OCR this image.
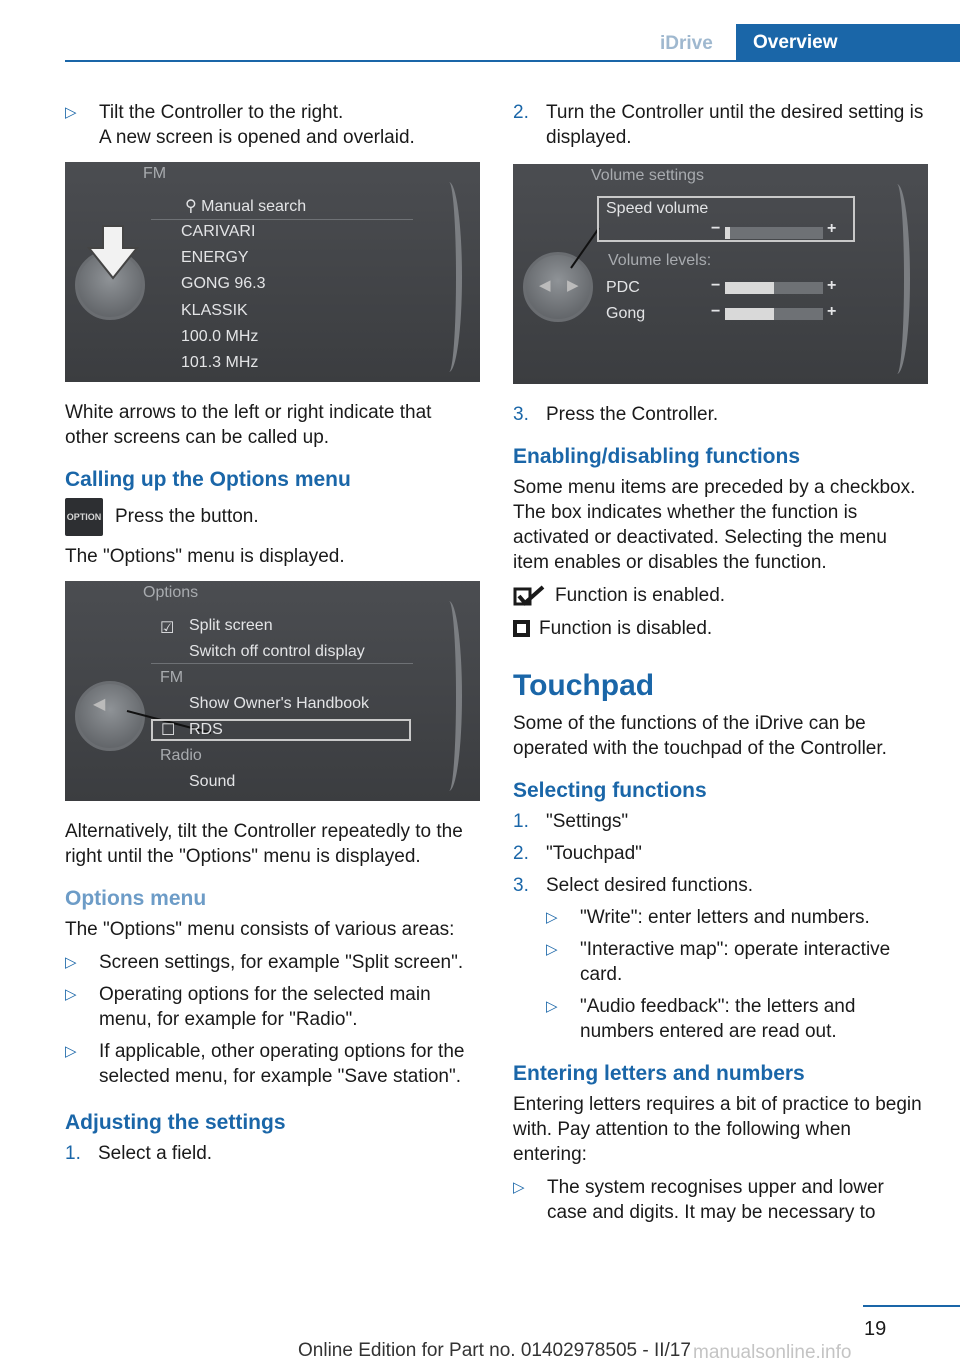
iDrive	Overview
▷ Tilt the Controller to the right.
A new screen is opened and overlaid.
FM
⚲ Manual search
CARIVARI
ENERGY
GONG 96.3
KLASSIK
100.0 MHz
101.3 MHz

White arrows to the left or right indicate that other screens can be called up.

Calling up the Options menu
OPTION Press the button.

The "Options" menu is displayed.

Options
◀
☑ Split screen
Switch off control display
FM
Show Owner's Handbook
☐ RDS
Radio
Sound

Alternatively, tilt the Controller repeatedly to the right until the "Options" menu is displayed.

Options menu

The "Options" menu consists of various areas:

▷ Screen settings, for example "Split screen".
▷ Operating options for the selected main menu, for example for "Radio".
▷ If applicable, other operating options for the selected menu, for example "Save station".
Adjusting the settings
1. Select a field.
2. Turn the Controller until the desired setting is displayed.
Volume settings
◀ ▶
Speed volume
−	+
Volume levels:
PDC	−	+
Gong	−	+
3. Press the Controller.
Enabling/disabling functions

Some menu items are preceded by a checkbox. The box indicates whether the function is activated or deactivated. Selecting the menu item enables or disables the function.

Function is enabled.
Function is disabled.
Touchpad

Some of the functions of the iDrive can be operated with the touchpad of the Controller.

Selecting functions
1. "Settings"
2. "Touchpad"
3. Select desired functions.
▷ "Write": enter letters and numbers.
▷ "Interactive map": operate interactive card.
▷ "Audio feedback": the letters and numbers entered are read out.
Entering letters and numbers

Entering letters requires a bit of practice to begin with. Pay attention to the following when entering:

▷ The system recognises upper and lower case and digits. It may be necessary to
19
Online Edition for Part no. 01402978505 - II/17 manualsonline.info
